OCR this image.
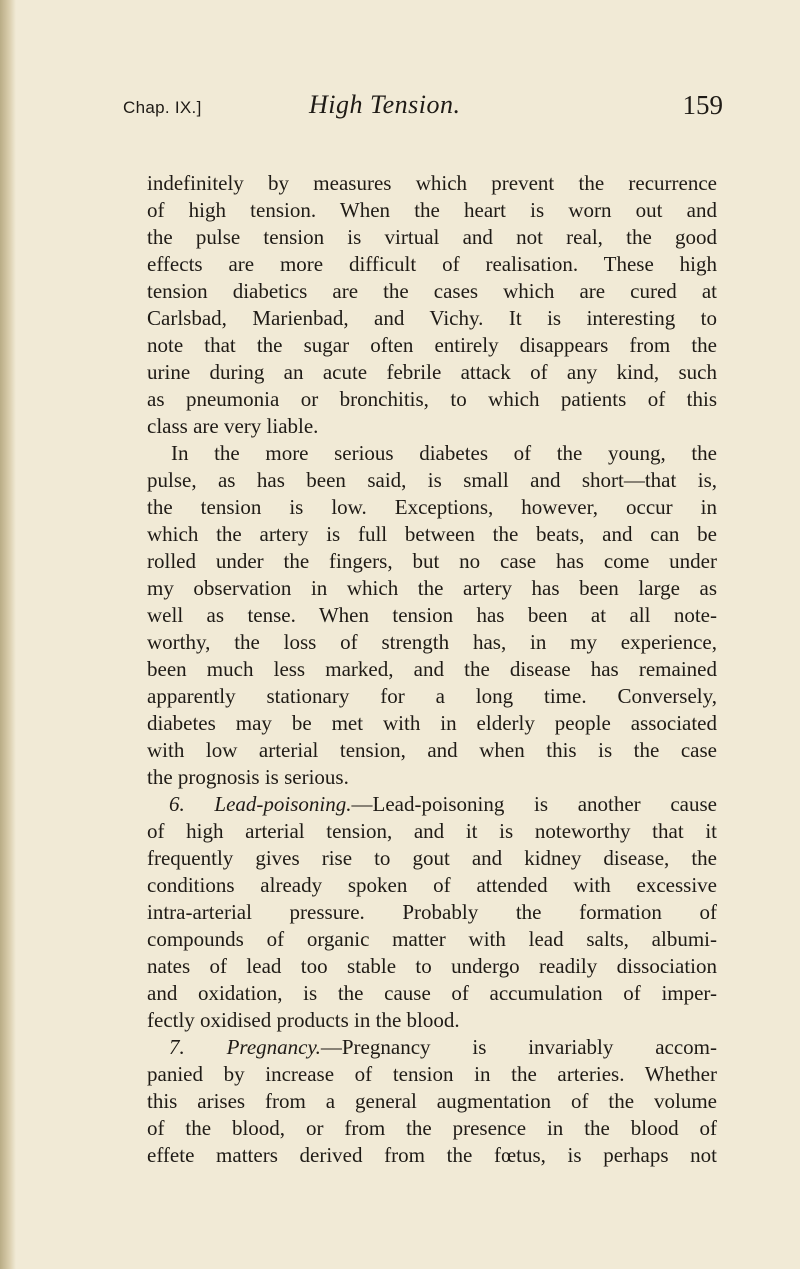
Chap. IX.]	High Tension.	159
indefinitely by measures which prevent the recurrence
of high tension. When the heart is worn out and
the pulse tension is virtual and not real, the good
effects are more difficult of realisation. These high
tension diabetics are the cases which are cured at
Carlsbad, Marienbad, and Vichy. It is interesting to
note that the sugar often entirely disappears from the
urine during an acute febrile attack of any kind, such
as pneumonia or bronchitis, to which patients of this
class are very liable.
In the more serious diabetes of the young, the
pulse, as has been said, is small and short—that is,
the tension is low. Exceptions, however, occur in
which the artery is full between the beats, and can be
rolled under the fingers, but no case has come under
my observation in which the artery has been large as
well as tense. When tension has been at all note-
worthy, the loss of strength has, in my experience,
been much less marked, and the disease has remained
apparently stationary for a long time. Conversely,
diabetes may be met with in elderly people associated
with low arterial tension, and when this is the case
the prognosis is serious.
6. Lead-poisoning.—Lead-poisoning is another cause
of high arterial tension, and it is noteworthy that it
frequently gives rise to gout and kidney disease, the
conditions already spoken of attended with excessive
intra-arterial pressure. Probably the formation of
compounds of organic matter with lead salts, albumi-
nates of lead too stable to undergo readily dissociation
and oxidation, is the cause of accumulation of imper-
fectly oxidised products in the blood.
7. Pregnancy.—Pregnancy is invariably accom-
panied by increase of tension in the arteries. Whether
this arises from a general augmentation of the volume
of the blood, or from the presence in the blood of
effete matters derived from the fœtus, is perhaps not
